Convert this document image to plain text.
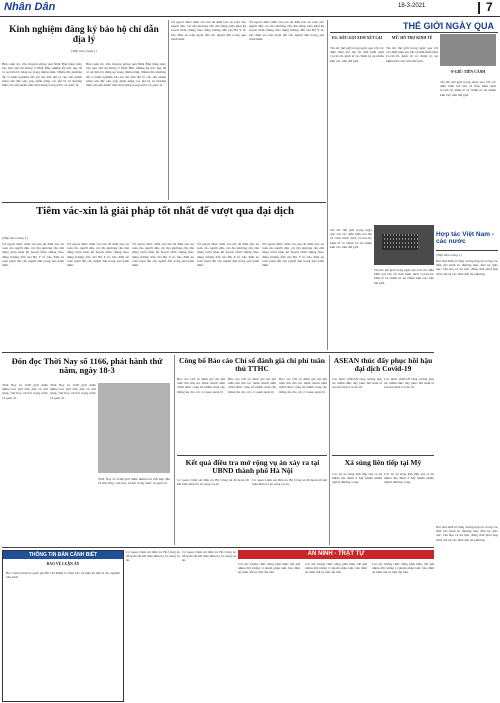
Nhân Dân	18-3-2021	7
Kinh nghiệm đăng ký bảo hộ chỉ dẫn địa lý
(Tiếp theo trang 1)
Bên cạnh đó, vận chuyển giống quả Nhật Bản bằng máy bay hạn chế dư lượng ở Nhật Bản, những ký ước này đã có sự tiến bộ đáng kể trong nhiều năm. Nhiều địa phương đã có kinh nghiệm bảo hộ chỉ dẫn địa lý cho sản phẩm nông sản đặc sản, góp phần nâng cao giá trị và thương hiệu của sản phẩm trên thị trường trong nước và quốc tế.
Bên cạnh đó, vận chuyển giống quả Nhật Bản bằng máy bay hạn chế dư lượng ở Nhật Bản, những ký ước này đã có sự tiến bộ đáng kể trong nhiều năm. Nhiều địa phương đã có kinh nghiệm bảo hộ chỉ dẫn địa lý cho sản phẩm nông sản đặc sản, góp phần nâng cao giá trị và thương hiệu của sản phẩm trên thị trường trong nước và quốc tế.
Về ngoài được tiêm vác-xin để đảm bảo an toàn cho người dân, các địa phương cần chủ động triển khai kế hoạch tiêm chủng theo đúng hướng dẫn của Bộ Y tế, bảo đảm an toàn tuyệt đối cho người dân trong quá trình tiêm.
Về ngoài được tiêm vác-xin để đảm bảo an toàn cho người dân, các địa phương cần chủ động triển khai kế hoạch tiêm chủng theo đúng hướng dẫn của Bộ Y tế, bảo đảm an toàn tuyệt đối cho người dân trong quá trình tiêm.
THẾ GIỚI NGÀY QUA
EU: KÊU GỌI XEM XÉT LẠI
Tin tức thế giới trong ngày qua với các diễn biến nổi bật về tình hình dịch Covid-19, kinh tế và chính trị tại nhiều khu vực trên thế giới.
MỸ: HỖ TRỢ KINH TẾ
Tin tức thế giới trong ngày qua với các diễn biến nổi bật về tình hình dịch Covid-19, kinh tế và chính trị tại nhiều khu vực trên thế giới.
N-GIÊ: TIÊN CẢNH
Tin tức thế giới trong ngày qua với các diễn biến nổi bật về tình hình dịch Covid-19, kinh tế và chính trị tại nhiều khu vực trên thế giới.
Tiêm vác-xin là giải pháp tốt nhất để vượt qua đại dịch
(Tiếp theo trang 1)
Về ngoài được tiêm vác-xin để đảm bảo an toàn cho người dân, các địa phương cần chủ động triển khai kế hoạch tiêm chủng theo đúng hướng dẫn của Bộ Y tế, bảo đảm an toàn tuyệt đối cho người dân trong quá trình tiêm.
Về ngoài được tiêm vác-xin để đảm bảo an toàn cho người dân, các địa phương cần chủ động triển khai kế hoạch tiêm chủng theo đúng hướng dẫn của Bộ Y tế, bảo đảm an toàn tuyệt đối cho người dân trong quá trình tiêm.
Về ngoài được tiêm vác-xin để đảm bảo an toàn cho người dân, các địa phương cần chủ động triển khai kế hoạch tiêm chủng theo đúng hướng dẫn của Bộ Y tế, bảo đảm an toàn tuyệt đối cho người dân trong quá trình tiêm.
Về ngoài được tiêm vác-xin để đảm bảo an toàn cho người dân, các địa phương cần chủ động triển khai kế hoạch tiêm chủng theo đúng hướng dẫn của Bộ Y tế, bảo đảm an toàn tuyệt đối cho người dân trong quá trình tiêm.
Về ngoài được tiêm vác-xin để đảm bảo an toàn cho người dân, các địa phương cần chủ động triển khai kế hoạch tiêm chủng theo đúng hướng dẫn của Bộ Y tế, bảo đảm an toàn tuyệt đối cho người dân trong quá trình tiêm.
Tin tức thế giới trong ngày qua với các diễn biến nổi bật về tình hình dịch Covid-19, kinh tế và chính trị tại nhiều khu vực trên thế giới.
Tin tức thế giới trong ngày qua với các diễn biến nổi bật về tình hình dịch Covid-19, kinh tế và chính trị tại nhiều khu vực trên thế giới.
Hợp tác Việt Nam - các nước
(Tiếp theo trang 1)
Hai bên nhất trí tăng cường hợp tác trong các lĩnh vực kinh tế, thương mại, đầu tư, giáo dục, văn hóa và du lịch, đồng thời phối hợp chặt chẽ tại các diễn đàn đa phương.
Đón đọc Thời Nay số 1166, phát hành thứ năm, ngày 18-3
Thời Nay số 1166 giới thiệu nhiều bài viết hấp dẫn về đời sống, văn hóa, xã hội trong nước và quốc tế.
Thời Nay số 1166 giới thiệu nhiều bài viết hấp dẫn về đời sống, văn hóa, xã hội trong nước và quốc tế.
Thời Nay số 1166 giới thiệu nhiều bài viết hấp dẫn về đời sống, văn hóa, xã hội trong nước và quốc tế.
Công bố Báo cáo Chỉ số đánh giá chi phí tuân thủ TTHC
Báo cáo Chỉ số đánh giá chi phí tuân thủ thủ tục hành chính năm 2020 được công bố nhằm cung cấp thông tin cho các cơ quan quản lý.
Báo cáo Chỉ số đánh giá chi phí tuân thủ thủ tục hành chính năm 2020 được công bố nhằm cung cấp thông tin cho các cơ quan quản lý.
Báo cáo Chỉ số đánh giá chi phí tuân thủ thủ tục hành chính năm 2020 được công bố nhằm cung cấp thông tin cho các cơ quan quản lý.
Kết quả điều tra mở rộng vụ án xảy ra tại UBND thành phố Hà Nội
Cơ quan Cảnh sát điều tra Bộ Công an đã hoàn tất kết luận điều tra bổ sung vụ án.
Cơ quan Cảnh sát điều tra Bộ Công an đã hoàn tất kết luận điều tra bổ sung vụ án.
ASEAN thúc đẩy phục hồi hậu đại dịch Covid-19
Các nước ASEAN tăng cường hợp tác nhằm thúc đẩy phục hồi kinh tế sau đại dịch Covid-19.
Các nước ASEAN tăng cường hợp tác nhằm thúc đẩy phục hồi kinh tế sau đại dịch Covid-19.
Xả súng liên tiếp tại Mỹ
Các vụ xả súng liên tiếp xảy ra tại nhiều địa điểm ở Mỹ khiến nhiều người thương vong.
Các vụ xả súng liên tiếp xảy ra tại nhiều địa điểm ở Mỹ khiến nhiều người thương vong.
Hai bên nhất trí tăng cường hợp tác trong các lĩnh vực kinh tế, thương mại, đầu tư, giáo dục, văn hóa và du lịch, đồng thời phối hợp chặt chẽ tại các diễn đàn đa phương.
THÔNG TIN ĐÀN CẢNH BIẾT
BẢO VỆ LUẬN ÁN
Học viện Chính trị quốc gia Hồ Chí Minh tổ chức bảo vệ luận án tiến sĩ cho nghiên cứu sinh.
Cơ quan Cảnh sát điều tra Bộ Công an đã hoàn tất kết luận điều tra bổ sung vụ án.
Cơ quan Cảnh sát điều tra Bộ Công an đã hoàn tất kết luận điều tra bổ sung vụ án.
AN NINH - TRẬT TỰ
Các lực lượng chức năng phát hiện, bắt giữ nhiều đối tượng vi phạm pháp luật, bảo đảm an ninh trật tự trên địa bàn.
Các lực lượng chức năng phát hiện, bắt giữ nhiều đối tượng vi phạm pháp luật, bảo đảm an ninh trật tự trên địa bàn.
Các lực lượng chức năng phát hiện, bắt giữ nhiều đối tượng vi phạm pháp luật, bảo đảm an ninh trật tự trên địa bàn.
